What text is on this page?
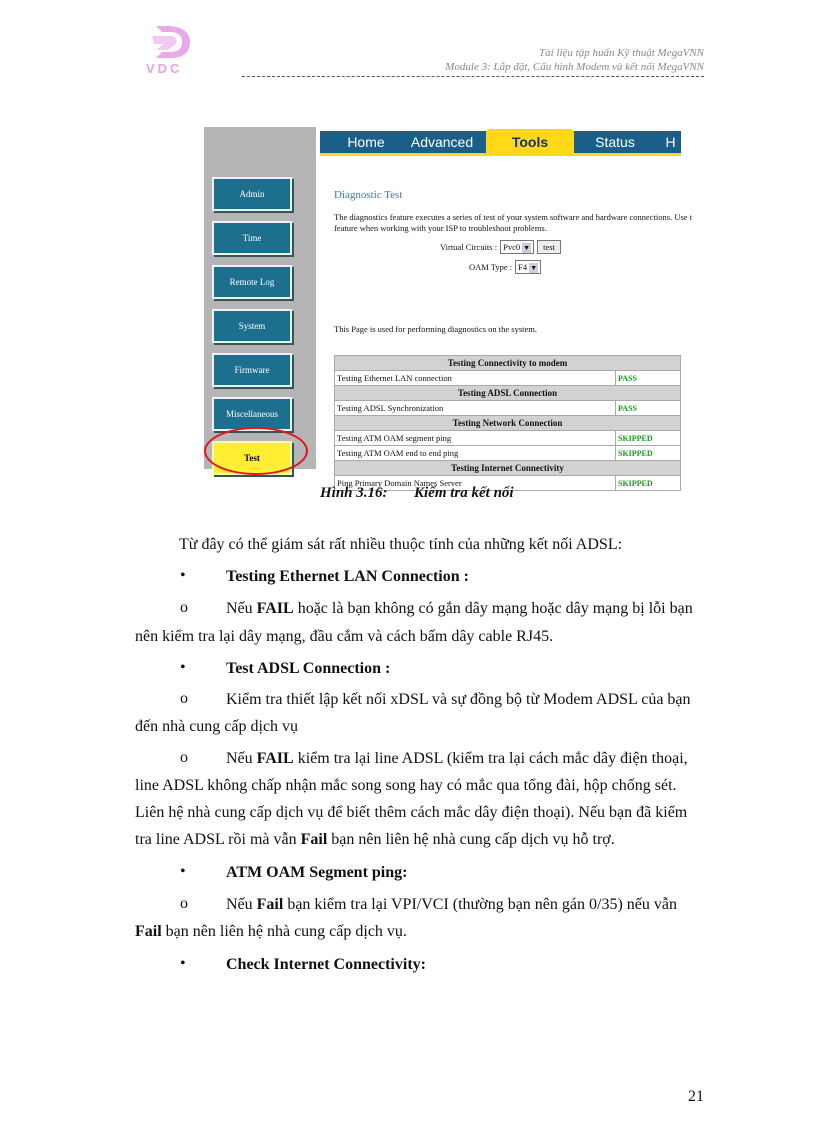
VDC
Tài liệu tập huấn Kỹ thuật MegaVNN
Module 3: Lắp đặt, Cấu hình Modem và kết nối MegaVNN
Admin
Time
Remote Log
System
Firmware
Miscellaneous
Test
Home	Advanced	Tools	Status	H
Diagnostic Test
The diagnostics feature executes a series of test of your system software and hardware connections. Use t
feature when working with your ISP to troubleshoot problems.
Virtual Circuits : Pvc0 ▼	test
OAM Type : F4 ▼
This Page is used for performing diagnostics on the system.
Testing Connectivity to modem	
Testing Ethernet LAN connection	PASS
Testing ADSL Connection	
Testing ADSL Synchronization	PASS
Testing Network Connection	
Testing ATM OAM segment ping	SKIPPED
Testing ATM OAM end to end ping	SKIPPED
Testing Internet Connectivity	
Ping Primary Domain Names Server	SKIPPED
Hình 3.16: Kiểm tra kết nối
Từ đây có thể giám sát rất nhiều thuộc tính của những kết nối ADSL:
•	Testing Ethernet LAN Connection :
o Nếu FAIL hoặc là bạn không có gắn dây mạng hoặc dây mạng bị lỗi bạn
nên kiểm tra lại dây mạng, đầu cắm và cách bấm dây cable RJ45.
•	Test ADSL Connection :
o Kiểm tra thiết lập kết nối xDSL và sự đồng bộ từ Modem ADSL của bạn
đến nhà cung cấp dịch vụ
o Nếu FAIL kiểm tra lại line ADSL (kiểm tra lại cách mắc dây điện thoại,
line ADSL không chấp nhận mắc song song hay có mắc qua tổng đài, hộp chống sét.
Liên hệ nhà cung cấp dịch vụ để biết thêm cách mắc dây điện thoại). Nếu bạn đã kiểm
tra line ADSL rồi mà vẫn Fail bạn nên liên hệ nhà cung cấp dịch vụ hỗ trợ.
•	ATM OAM Segment ping:
o Nếu Fail bạn kiểm tra lại VPI/VCI (thường bạn nên gán 0/35) nếu vẫn
Fail bạn nên liên hệ nhà cung cấp dịch vụ.
•	Check Internet Connectivity:
21
